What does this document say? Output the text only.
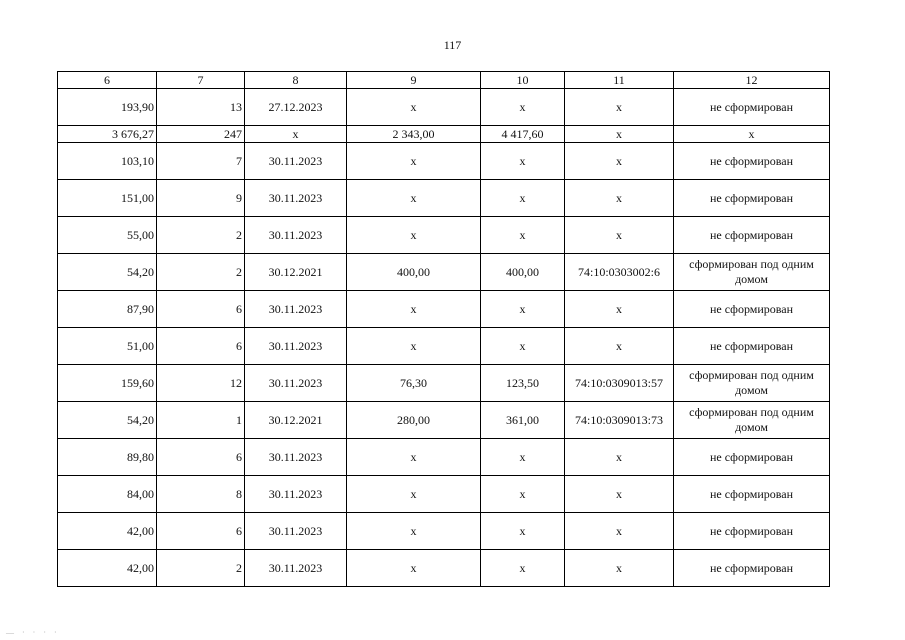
117
6	7	8	9	10	11	12
193,90	13	27.12.2023	x	x	x	не сформирован
3 676,27	247	x	2 343,00	4 417,60	x	x
103,10	7	30.11.2023	x	x	x	не сформирован
151,00	9	30.11.2023	x	x	x	не сформирован
55,00	2	30.11.2023	x	x	x	не сформирован
54,20	2	30.12.2021	400,00	400,00	74:10:0303002:6	сформирован под одним домом
87,90	6	30.11.2023	x	x	x	не сформирован
51,00	6	30.11.2023	x	x	x	не сформирован
159,60	12	30.11.2023	76,30	123,50	74:10:0309013:57	сформирован под одним домом
54,20	1	30.12.2021	280,00	361,00	74:10:0309013:73	сформирован под одним домом
89,80	6	30.11.2023	x	x	x	не сформирован
84,00	8	30.11.2023	x	x	x	не сформирован
42,00	6	30.11.2023	x	x	x	не сформирован
42,00	2	30.11.2023	x	x	x	не сформирован
— · · · ·
